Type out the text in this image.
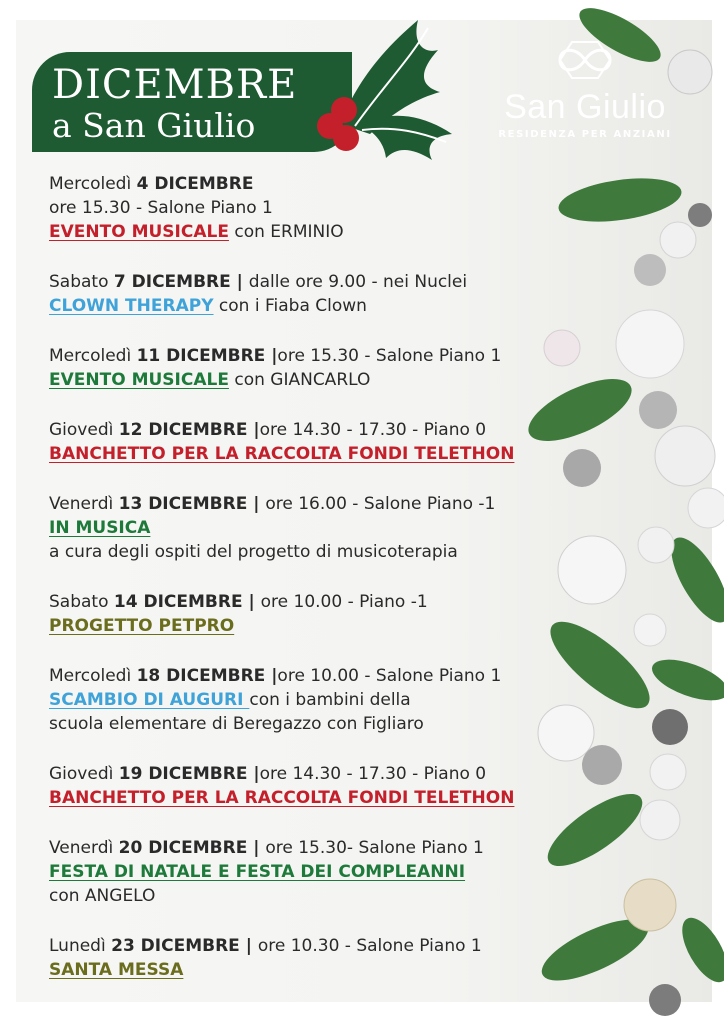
DICEMBRE
a San Giulio	San Giulio
RESIDENZA PER ANZIANI
Mercoledì 4 DICEMBRE
ore 15.30 - Salone Piano 1
EVENTO MUSICALE con ERMINIO
Sabato 7 DICEMBRE | dalle ore 9.00 - nei Nuclei
CLOWN THERAPY con i Fiaba Clown
Mercoledì 11 DICEMBRE |ore 15.30 - Salone Piano 1
EVENTO MUSICALE con GIANCARLO
Giovedì 12 DICEMBRE |ore 14.30 - 17.30 - Piano 0
BANCHETTO PER LA RACCOLTA FONDI TELETHON
Venerdì 13 DICEMBRE | ore 16.00 - Salone Piano -1
IN MUSICA
a cura degli ospiti del progetto di musicoterapia
Sabato 14 DICEMBRE | ore 10.00 - Piano -1
PROGETTO PETPRO
Mercoledì 18 DICEMBRE |ore 10.00 - Salone Piano 1
SCAMBIO DI AUGURI con i bambini della
scuola elementare di Beregazzo con Figliaro
Giovedì 19 DICEMBRE |ore 14.30 - 17.30 - Piano 0
BANCHETTO PER LA RACCOLTA FONDI TELETHON
Venerdì 20 DICEMBRE | ore 15.30- Salone Piano 1
FESTA DI NATALE E FESTA DEI COMPLEANNI
con ANGELO
Lunedì 23 DICEMBRE | ore 10.30 - Salone Piano 1
SANTA MESSA
